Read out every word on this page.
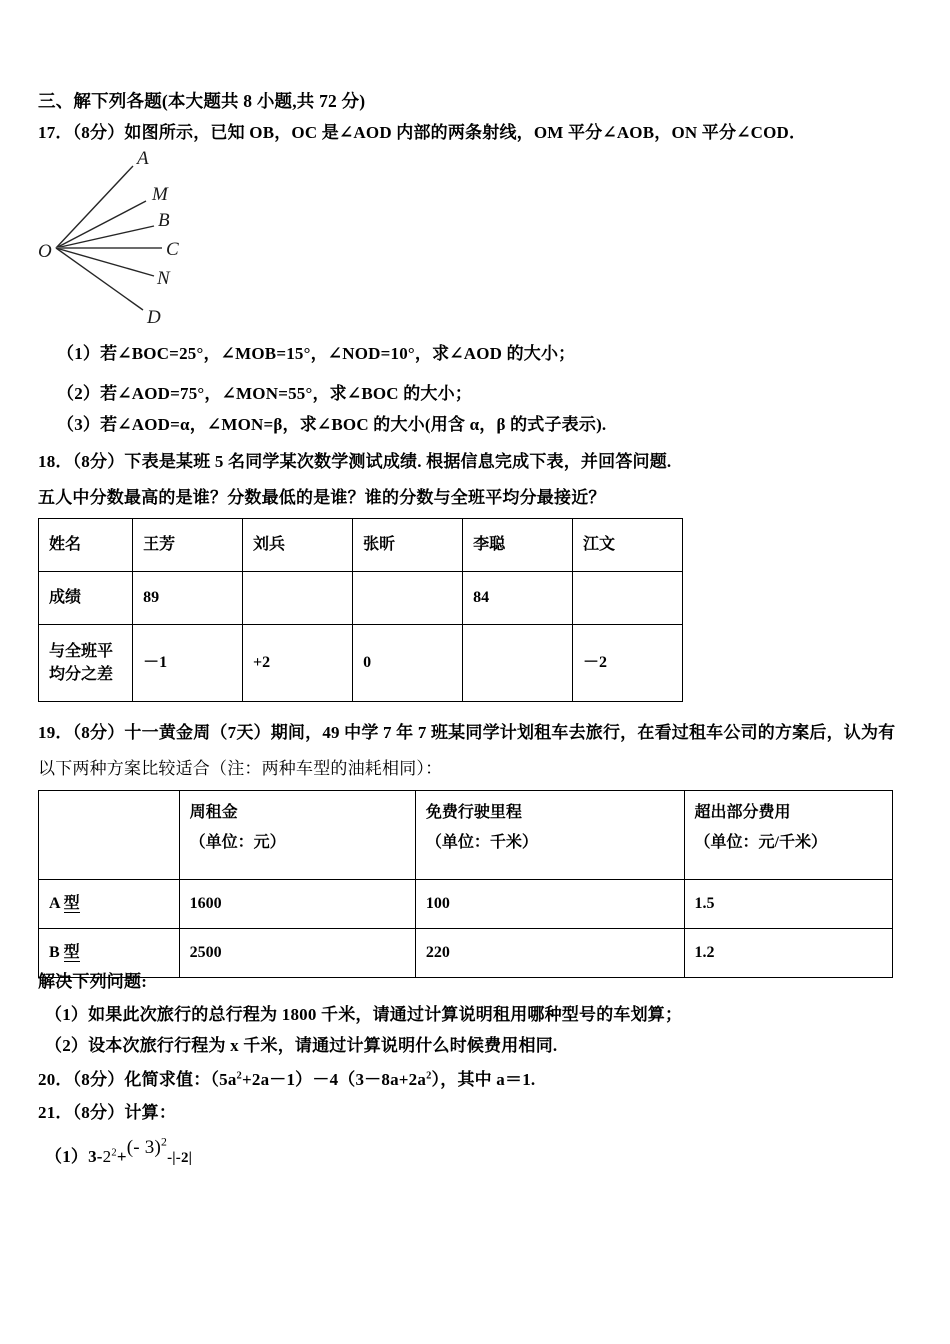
三、解下列各题(本大题共 8 小题,共 72 分)
17．（8分）如图所示，已知 OB，OC 是∠AOD 内部的两条射线，OM 平分∠AOB，ON 平分∠COD．
O
A
M
B
C
N
D
（1）若∠BOC=25°，∠MOB=15°，∠NOD=10°，求∠AOD 的大小；
（2）若∠AOD=75°，∠MON=55°，求∠BOC 的大小；
（3）若∠AOD=α，∠MON=β，求∠BOC 的大小(用含 α，β 的式子表示).
18．（8分）下表是某班 5 名同学某次数学测试成绩. 根据信息完成下表，并回答问题.
五人中分数最高的是谁？分数最低的是谁？谁的分数与全班平均分最接近？
姓名	王芳	刘兵	张昕	李聪	江文
成绩	89			84	
与全班平
均分之差	－1	+2	0		－2
19．（8分）十一黄金周（7天）期间，49 中学 7 年 7 班某同学计划租车去旅行，在看过租车公司的方案后，认为有
以下两种方案比较适合（注：两种车型的油耗相同）：
	周租金
（单位：元）	免费行驶里程
（单位：千米）	超出部分费用
（单位：元/千米）

A 型	1600	100	1.5
B 型	2500	220	1.2
解决下列问题:
（1）如果此次旅行的总行程为 1800 千米，请通过计算说明租用哪种型号的车划算；
（2）设本次旅行行程为 x 千米，请通过计算说明什么时候费用相同.
20．（8分）化简求值：$(5a^2+2a-1)-4(3-8a+2a^2)$，其中 a＝1.
21．（8分）计算：
$(1)3-2^2+(-$ 3)$^2$-|-2|
